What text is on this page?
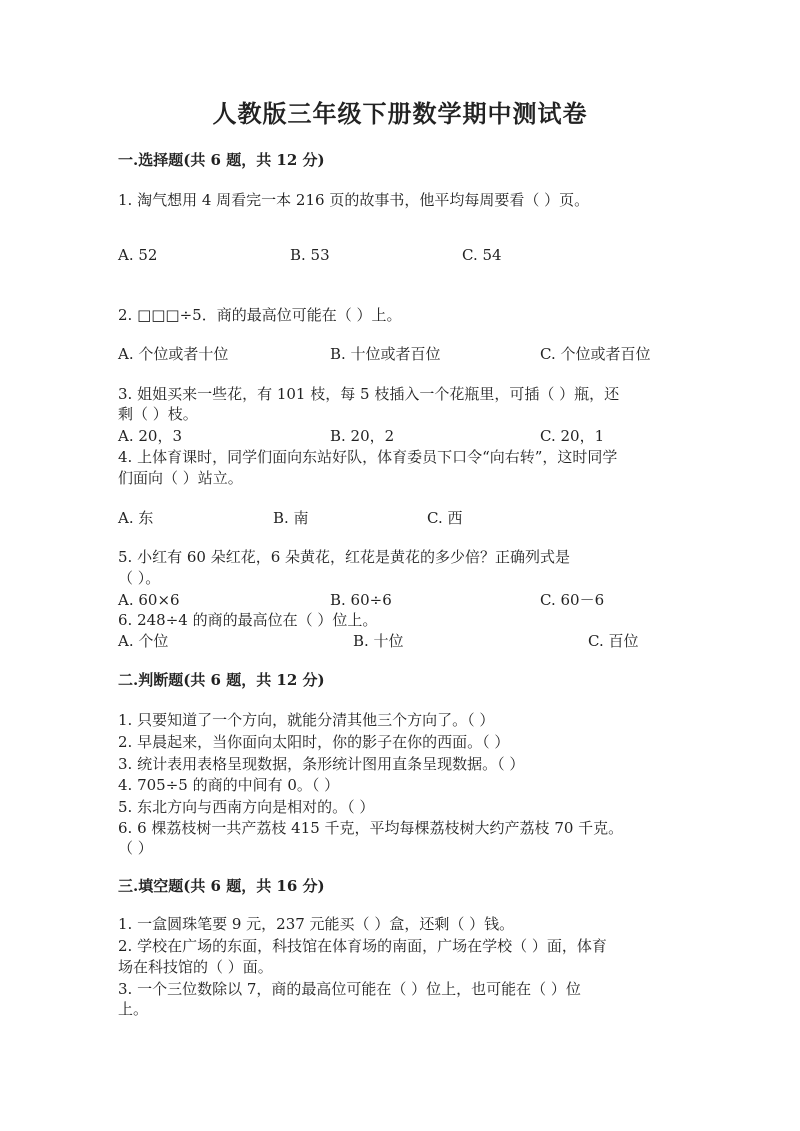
人教版三年级下册数学期中测试卷
一.选择题(共 6 题，共 12 分)
1. 淘气想用 4 周看完一本 216 页的故事书，他平均每周要看（ ）页。
A. 52	B. 53	C. 54
2. □□□÷5．商的最高位可能在（ ）上。
A. 个位或者十位	B. 十位或者百位	C. 个位或者百位
3. 姐姐买来一些花，有 101 枝，每 5 枝插入一个花瓶里，可插（ ）瓶，还
剩（ ）枝。
A. 20，3	B. 20，2	C. 20，1
4. 上体育课时，同学们面向东站好队，体育委员下口令“向右转”，这时同学
们面向（ ）站立。
A. 东	B. 南	C. 西
5. 小红有 60 朵红花，6 朵黄花，红花是黄花的多少倍？正确列式是
（ ）。
A. 60×6	B. 60÷6	C. 60－6
6. 248÷4 的商的最高位在（ ）位上。
A. 个位	B. 十位	C. 百位
二.判断题(共 6 题，共 12 分)
1. 只要知道了一个方向，就能分清其他三个方向了。（ ）
2. 早晨起来，当你面向太阳时，你的影子在你的西面。（ ）
3. 统计表用表格呈现数据，条形统计图用直条呈现数据。（ ）
4. 705÷5 的商的中间有 0。（ ）
5. 东北方向与西南方向是相对的。（ ）
6. 6 棵荔枝树一共产荔枝 415 千克，平均每棵荔枝树大约产荔枝 70 千克。
（ ）
三.填空题(共 6 题，共 16 分)
1. 一盒圆珠笔要 9 元，237 元能买（ ）盒，还剩（ ）钱。
2. 学校在广场的东面，科技馆在体育场的南面，广场在学校（ ）面，体育
场在科技馆的（ ）面。
3. 一个三位数除以 7，商的最高位可能在（ ）位上，也可能在（ ）位
上。
